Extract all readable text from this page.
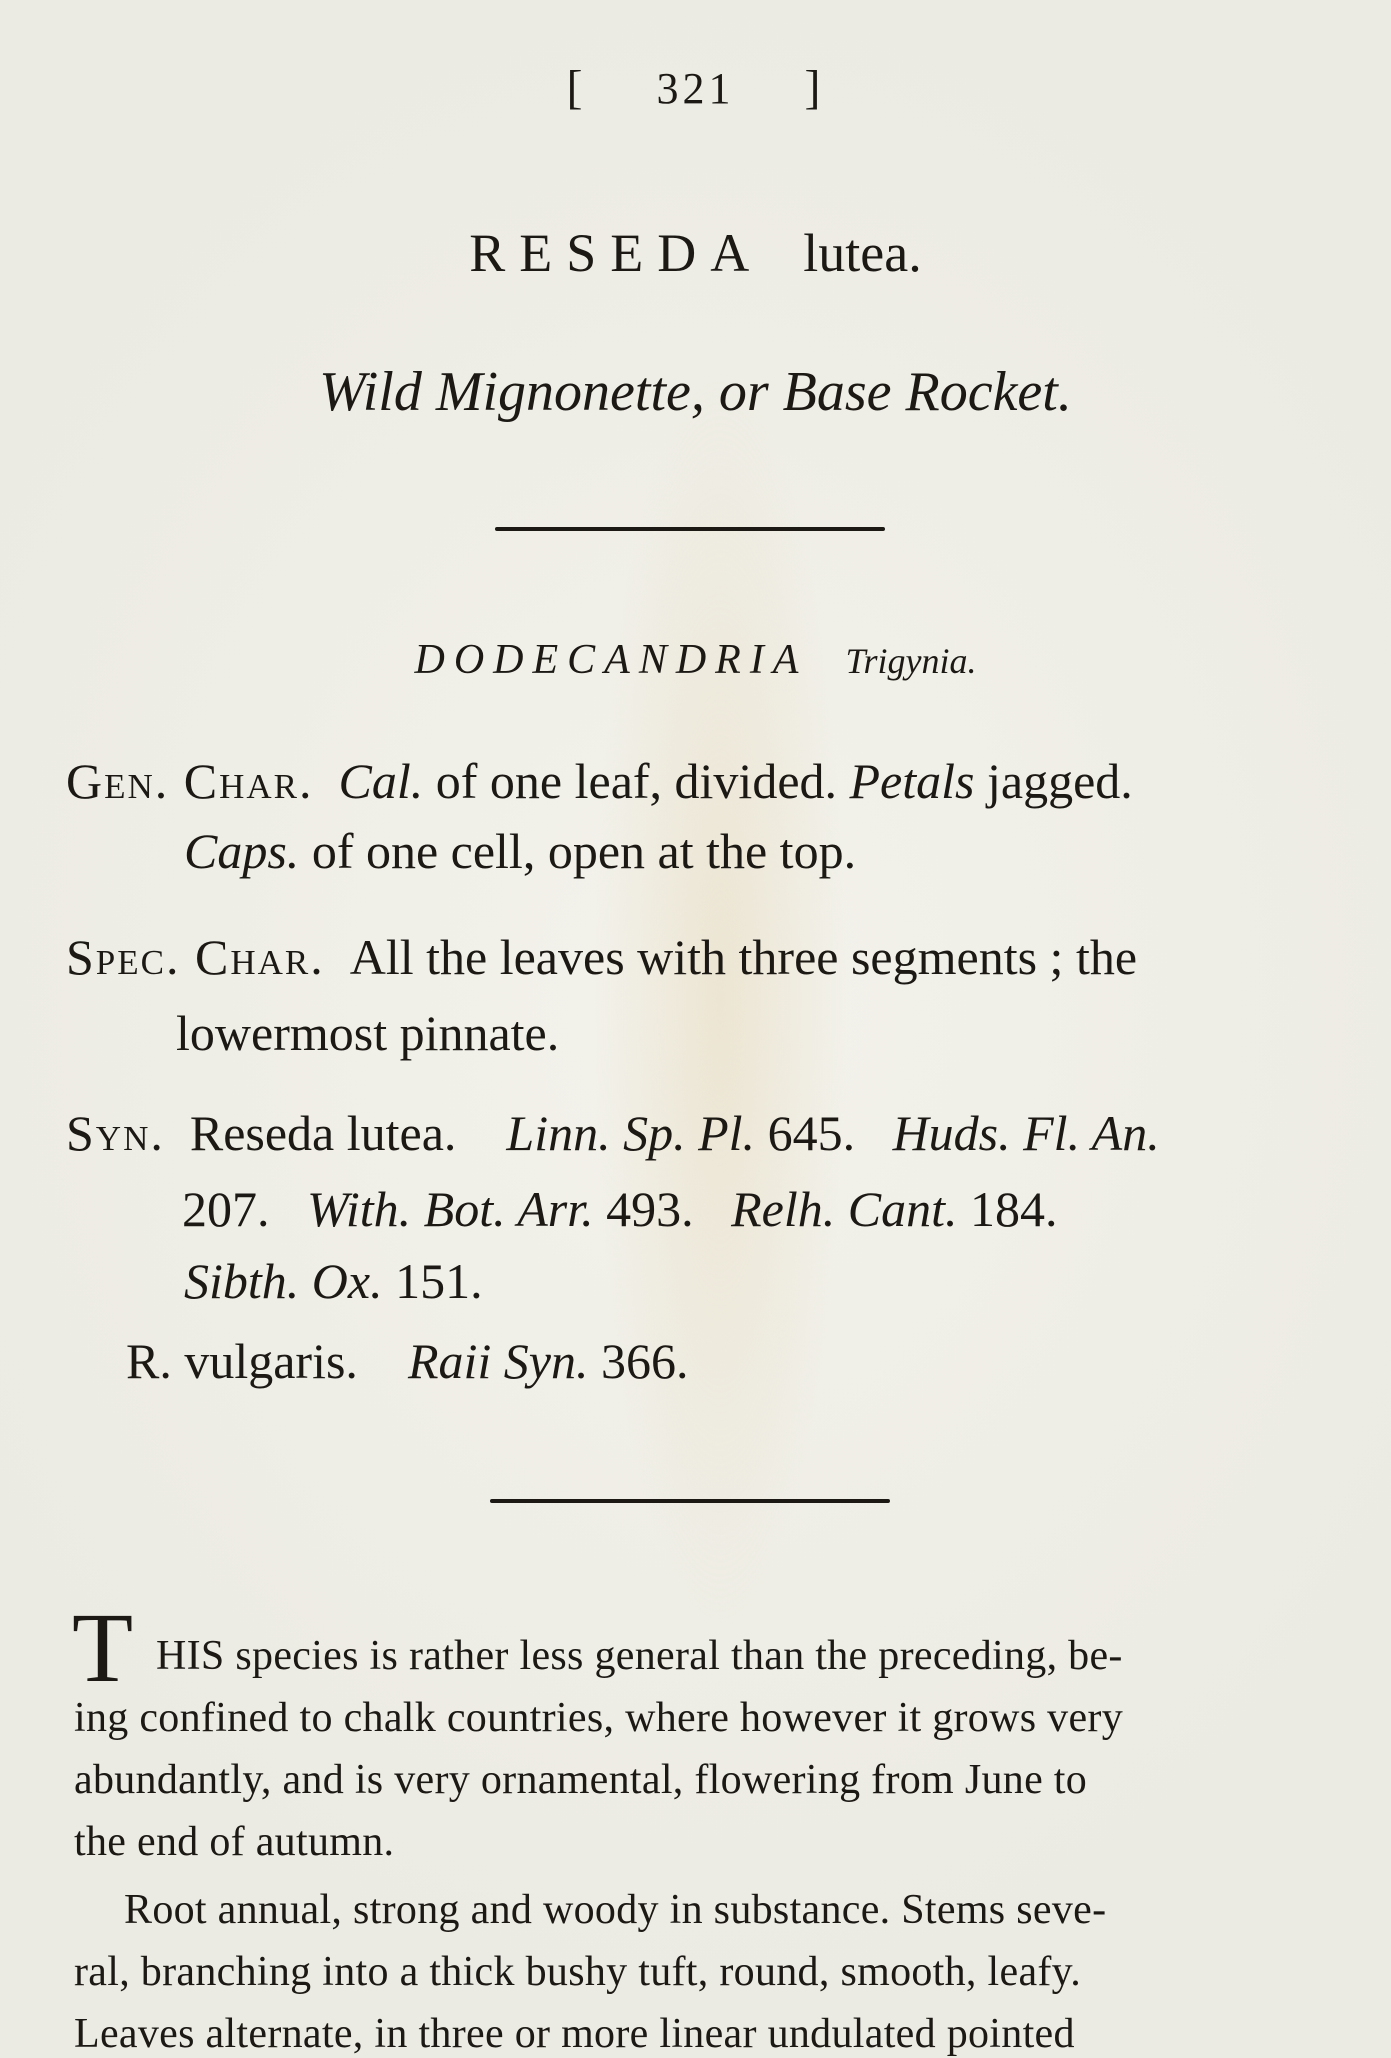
[ 321 ]
RESEDA lutea.
Wild Mignonette, or Base Rocket.
DODECANDRIA Trigynia.
Gen. Char. Cal. of one leaf, divided. Petals jagged.
Caps. of one cell, open at the top.
Spec. Char. All the leaves with three segments ; the
lowermost pinnate.
Syn. Reseda lutea. Linn. Sp. Pl. 645. Huds. Fl. An.
207. With. Bot. Arr. 493. Relh. Cant. 184.
Sibth. Ox. 151.
R. vulgaris. Raii Syn. 366.
T HIS species is rather less general than the preceding, be-
ing confined to chalk countries, where however it grows very
abundantly, and is very ornamental, flowering from June to
the end of autumn.
Root annual, strong and woody in substance. Stems seve-
ral, branching into a thick bushy tuft, round, smooth, leafy.
Leaves alternate, in three or more linear undulated pointed
